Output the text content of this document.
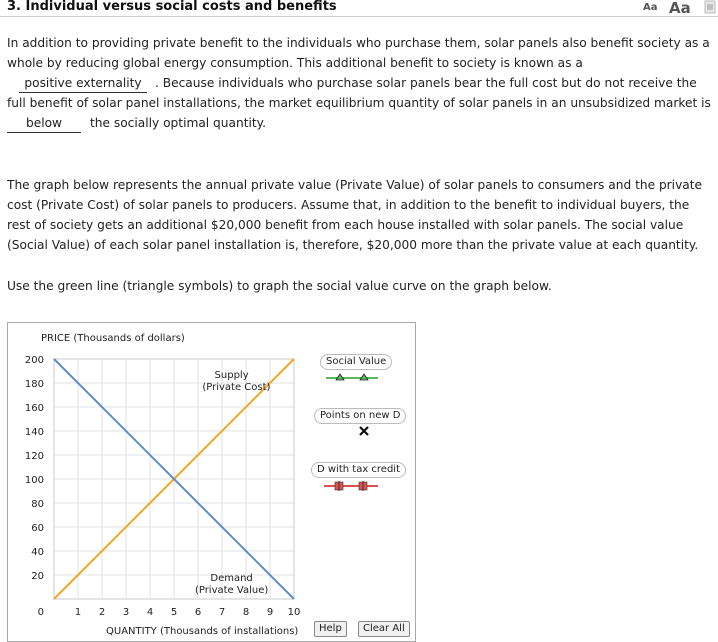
3. Individual versus social costs and benefits	Aa Aa
In addition to providing private benefit to the individuals who purchase them, solar panels also benefit society as a whole by reducing global energy consumption. This additional benefit to society is known as a
positive externality . Because individuals who purchase solar panels bear the full cost but do not receive the full benefit of solar panel installations, the market equilibrium quantity of solar panels in an unsubsidized market is
below the socially optimal quantity.
The graph below represents the annual private value (Private Value) of solar panels to consumers and the private cost (Private Cost) of solar panels to producers. Assume that, in addition to the benefit to individual buyers, the rest of society gets an additional $20,000 benefit from each house installed with solar panels. The social value (Social Value) of each solar panel installation is, therefore, $20,000 more than the private value at each quantity.
Use the green line (triangle symbols) to graph the social value curve on the graph below.
PRICE (Thousands of dollars)
QUANTITY (Thousands of installations)
0
20
40
60
80
100
120
140
160
180
200
1 2 3 4 5 6 7 8 9 10
Supply
(Private Cost)
Demand
(Private Value)
Social Value
Points on new D
D with tax credit
Help	Clear All
